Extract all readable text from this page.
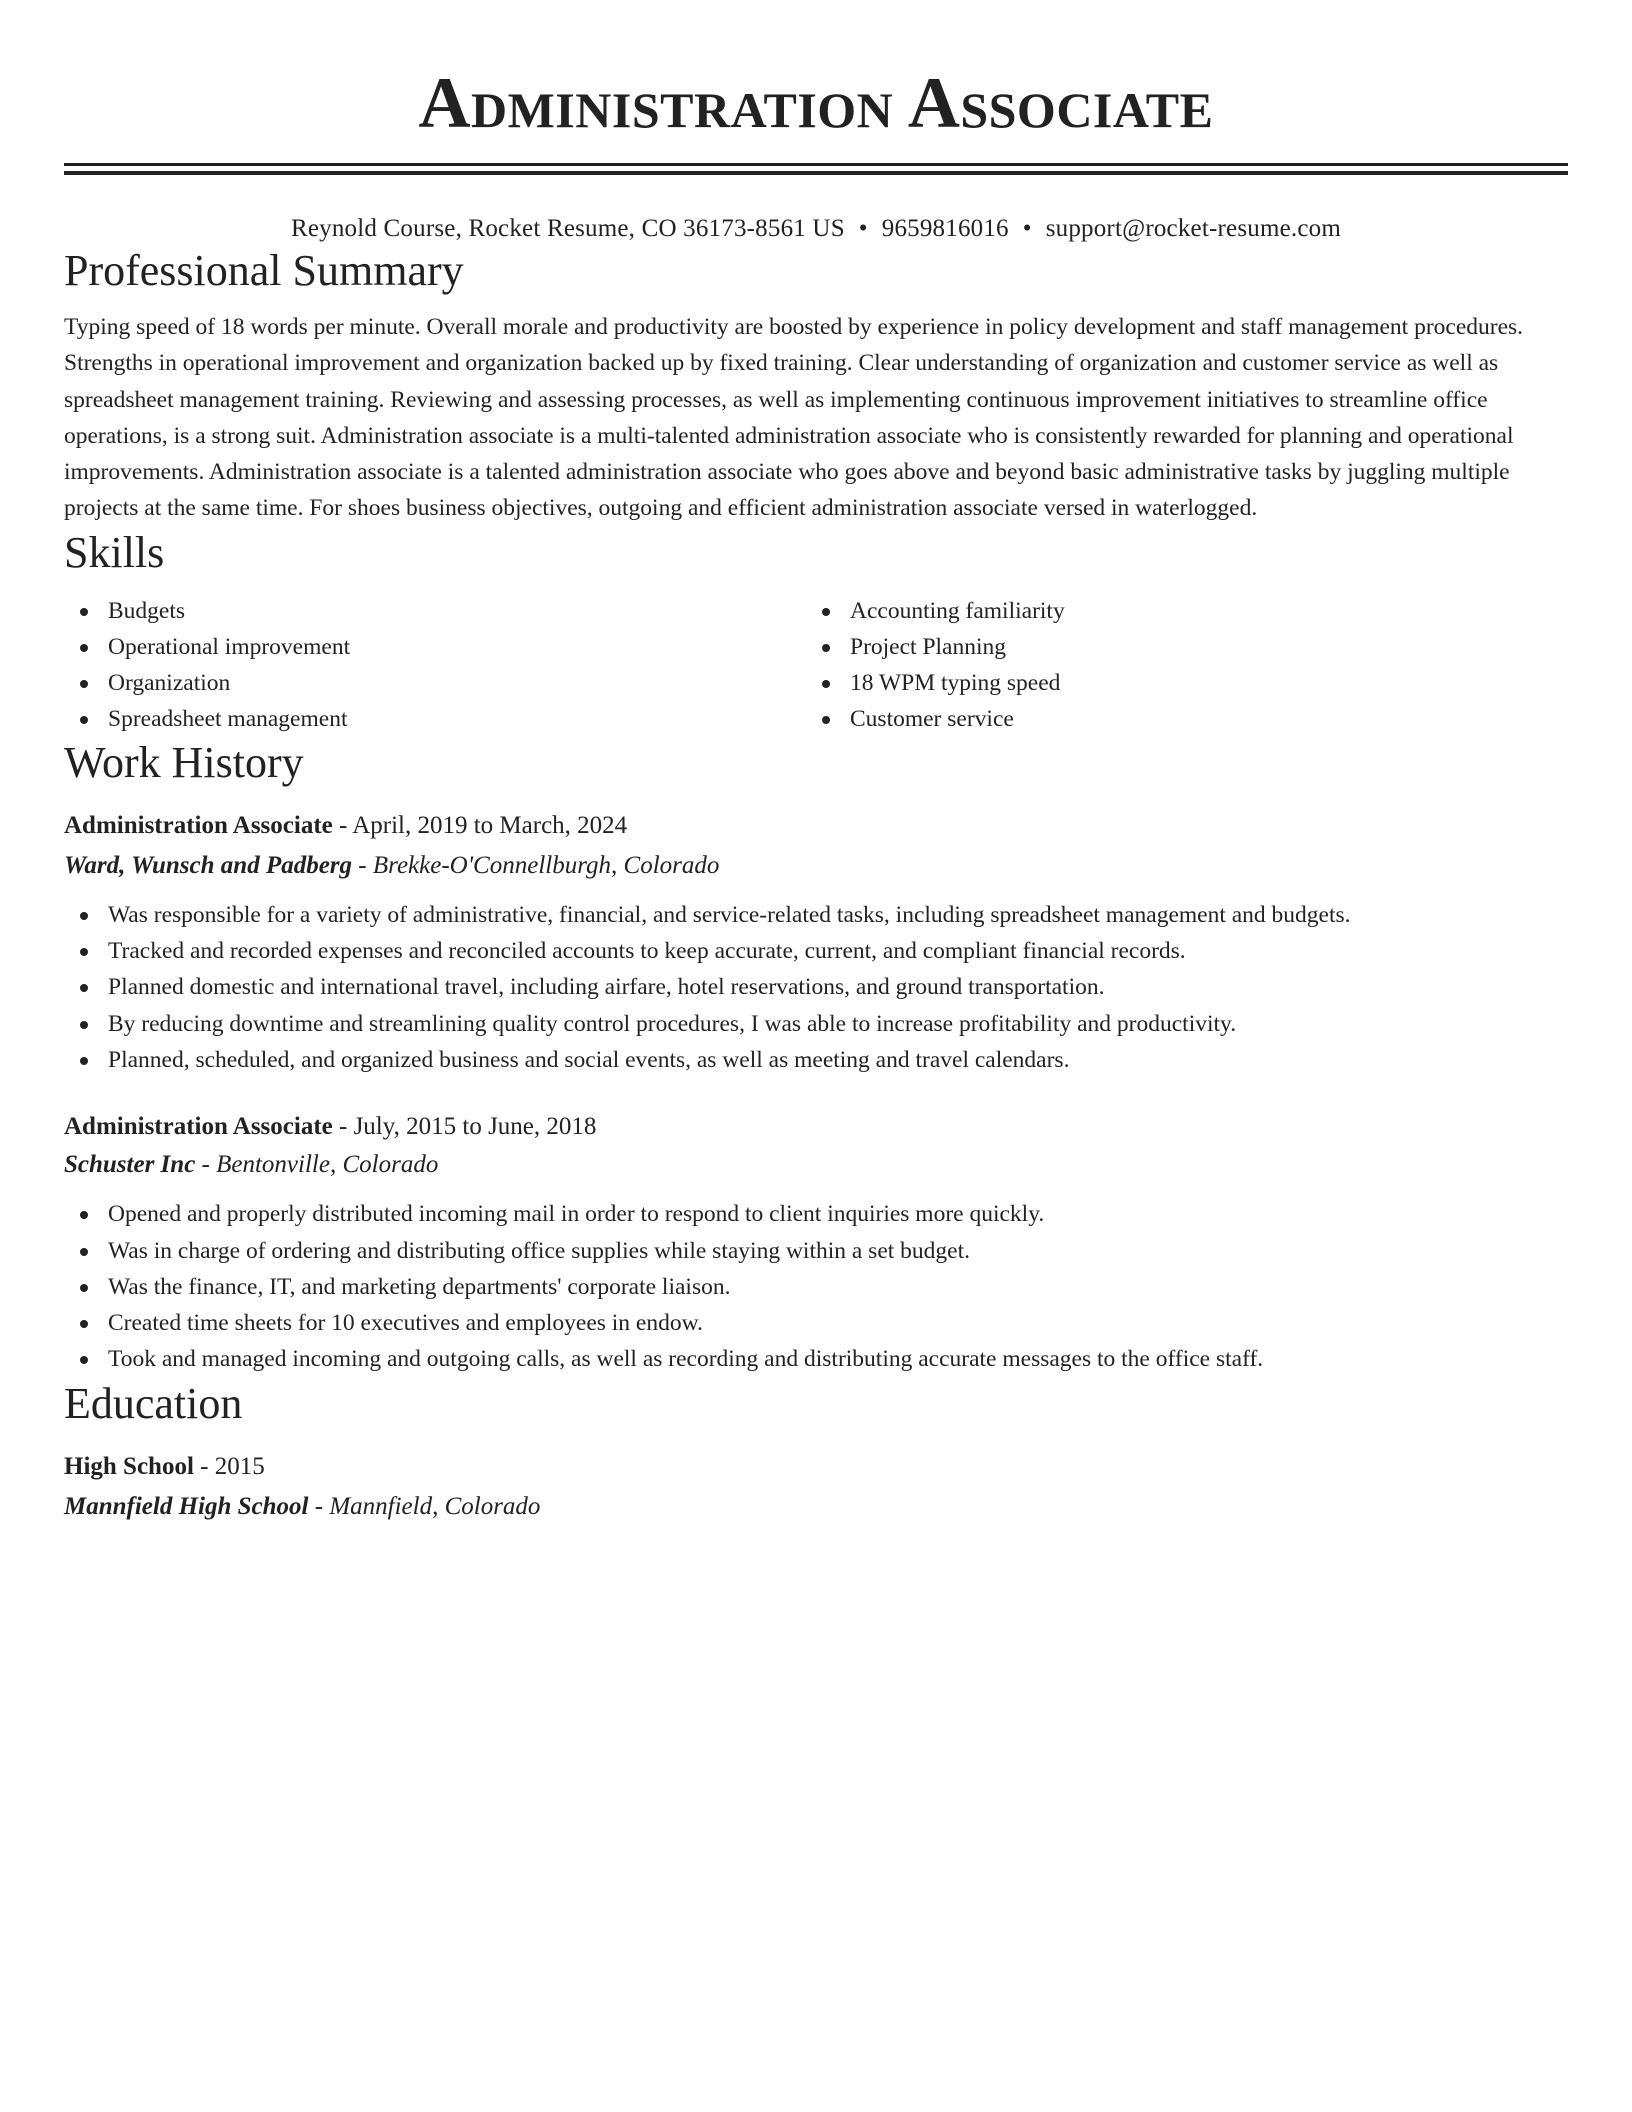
Administration Associate
Reynold Course, Rocket Resume, CO 36173-8561 US • 9659816016 • support@rocket-resume.com
Professional Summary
Typing speed of 18 words per minute. Overall morale and productivity are boosted by experience in policy development and staff management procedures. Strengths in operational improvement and organization backed up by fixed training. Clear understanding of organization and customer service as well as spreadsheet management training. Reviewing and assessing processes, as well as implementing continuous improvement initiatives to streamline office operations, is a strong suit. Administration associate is a multi-talented administration associate who is consistently rewarded for planning and operational improvements. Administration associate is a talented administration associate who goes above and beyond basic administrative tasks by juggling multiple projects at the same time. For shoes business objectives, outgoing and efficient administration associate versed in waterlogged.
Skills
Budgets
Operational improvement
Organization
Spreadsheet management
Accounting familiarity
Project Planning
18 WPM typing speed
Customer service
Work History
Administration Associate - April, 2019 to March, 2024
Ward, Wunsch and Padberg - Brekke-O'Connellburgh, Colorado
Was responsible for a variety of administrative, financial, and service-related tasks, including spreadsheet management and budgets.
Tracked and recorded expenses and reconciled accounts to keep accurate, current, and compliant financial records.
Planned domestic and international travel, including airfare, hotel reservations, and ground transportation.
By reducing downtime and streamlining quality control procedures, I was able to increase profitability and productivity.
Planned, scheduled, and organized business and social events, as well as meeting and travel calendars.
Administration Associate - July, 2015 to June, 2018
Schuster Inc - Bentonville, Colorado
Opened and properly distributed incoming mail in order to respond to client inquiries more quickly.
Was in charge of ordering and distributing office supplies while staying within a set budget.
Was the finance, IT, and marketing departments' corporate liaison.
Created time sheets for 10 executives and employees in endow.
Took and managed incoming and outgoing calls, as well as recording and distributing accurate messages to the office staff.
Education
High School - 2015
Mannfield High School - Mannfield, Colorado
